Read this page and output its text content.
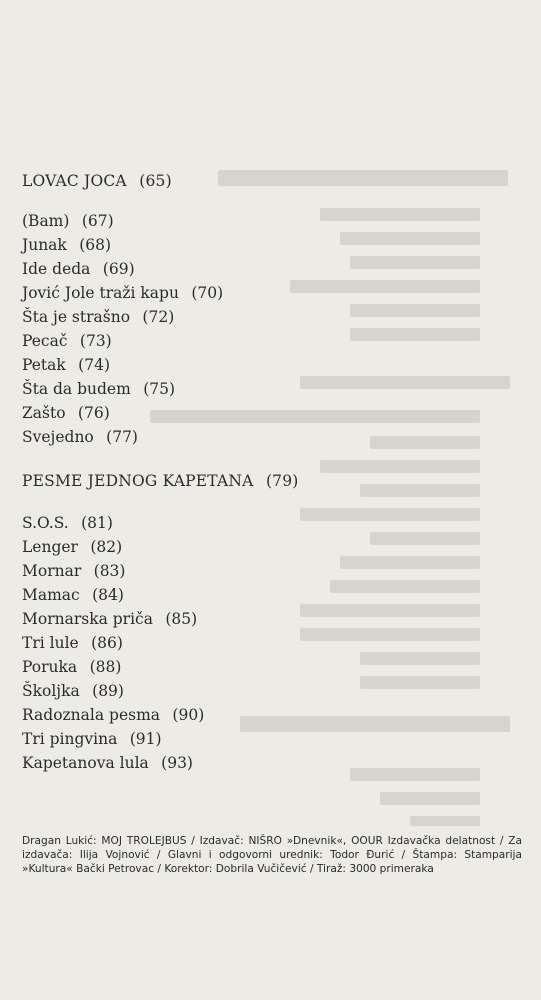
LOVAC JOCA (65)
(Bam) (67)
Junak (68)
Ide deda (69)
Jović Jole traži kapu (70)
Šta je strašno (72)
Pecač (73)
Petak (74)
Šta da budem (75)
Zašto (76)
Svejedno (77)
PESME JEDNOG KAPETANA (79)
S.O.S. (81)
Lenger (82)
Mornar (83)
Mamac (84)
Mornarska priča (85)
Tri lule (86)
Poruka (88)
Školjka (89)
Radoznala pesma (90)
Tri pingvina (91)
Kapetanova lula (93)

Dragan Lukić: MOJ TROLEJBUS / Izdavač: NIŠRO »Dnevnik«, OOUR Izdavačka delatnost / Za izdavača: Ilija Vojnović / Glavni i odgovorni urednik: Todor Đurić / Štampa: Stamparija »Kultura« Bački Petrovac / Korektor: Dobrila Vučičević / Tiraž: 3000 primeraka
